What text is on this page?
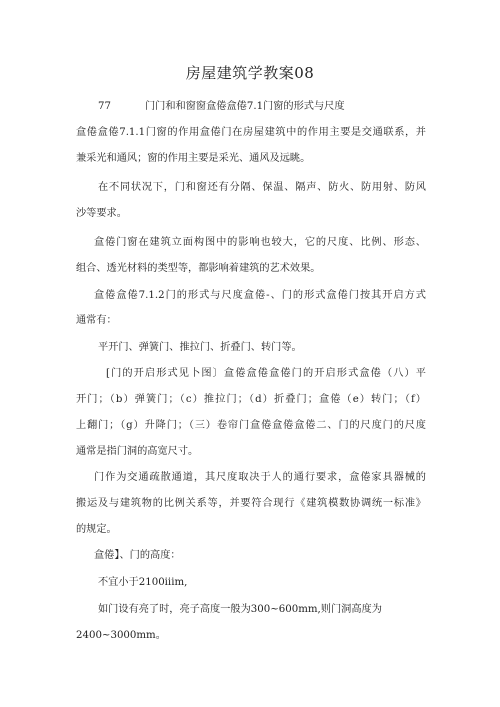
房屋建筑学教案08
77	门门和和窗窗盒倦盒倦7.1门窗的形式与尺度
盒倦盒倦7.1.1门窗的作用盒倦门在房屋建筑中的作用主要是交通联系，并
兼采光和通风；窗的作用主要是采光、通风及远眺。
在不同状况下，门和窗还有分隔、保温、隔声、防火、防用射、防风
沙等要求。
盒倦门窗在建筑立面构图中的影响也较大，它的尺度、比例、形态、
组合、透光材料的类型等，都影响着建筑的艺术效果。
盒倦盒倦7.1.2门的形式与尺度盒倦-、门的形式盒倦门按其开启方式
通常有：
平开门、弹簧门、推拉门、折叠门、转门等。
[门的开启形式见卜图〕盒倦盒倦盒倦门的开启形式盒倦（八）平
开门；（b）弹簧门；（c）推拉门；（d）折叠门；盒倦（e）转门；（f）
上翻门；（g）升降门；（三）卷帘门盒倦盒倦盒倦二、门的尺度门的尺度
通常是指门洞的高宽尺寸。
门作为交通疏散通道，其尺度取决于人的通行要求，盒倦家具器械的
搬运及与建筑物的比例关系等，并要符合现行《建筑模数协调统一标准》
的规定。
盒倦】、门的高度：
不宜小于2100iiim,
如门设有亮了时，亮子高度一般为300~600mm,则门洞高度为
2400~3000mm。
